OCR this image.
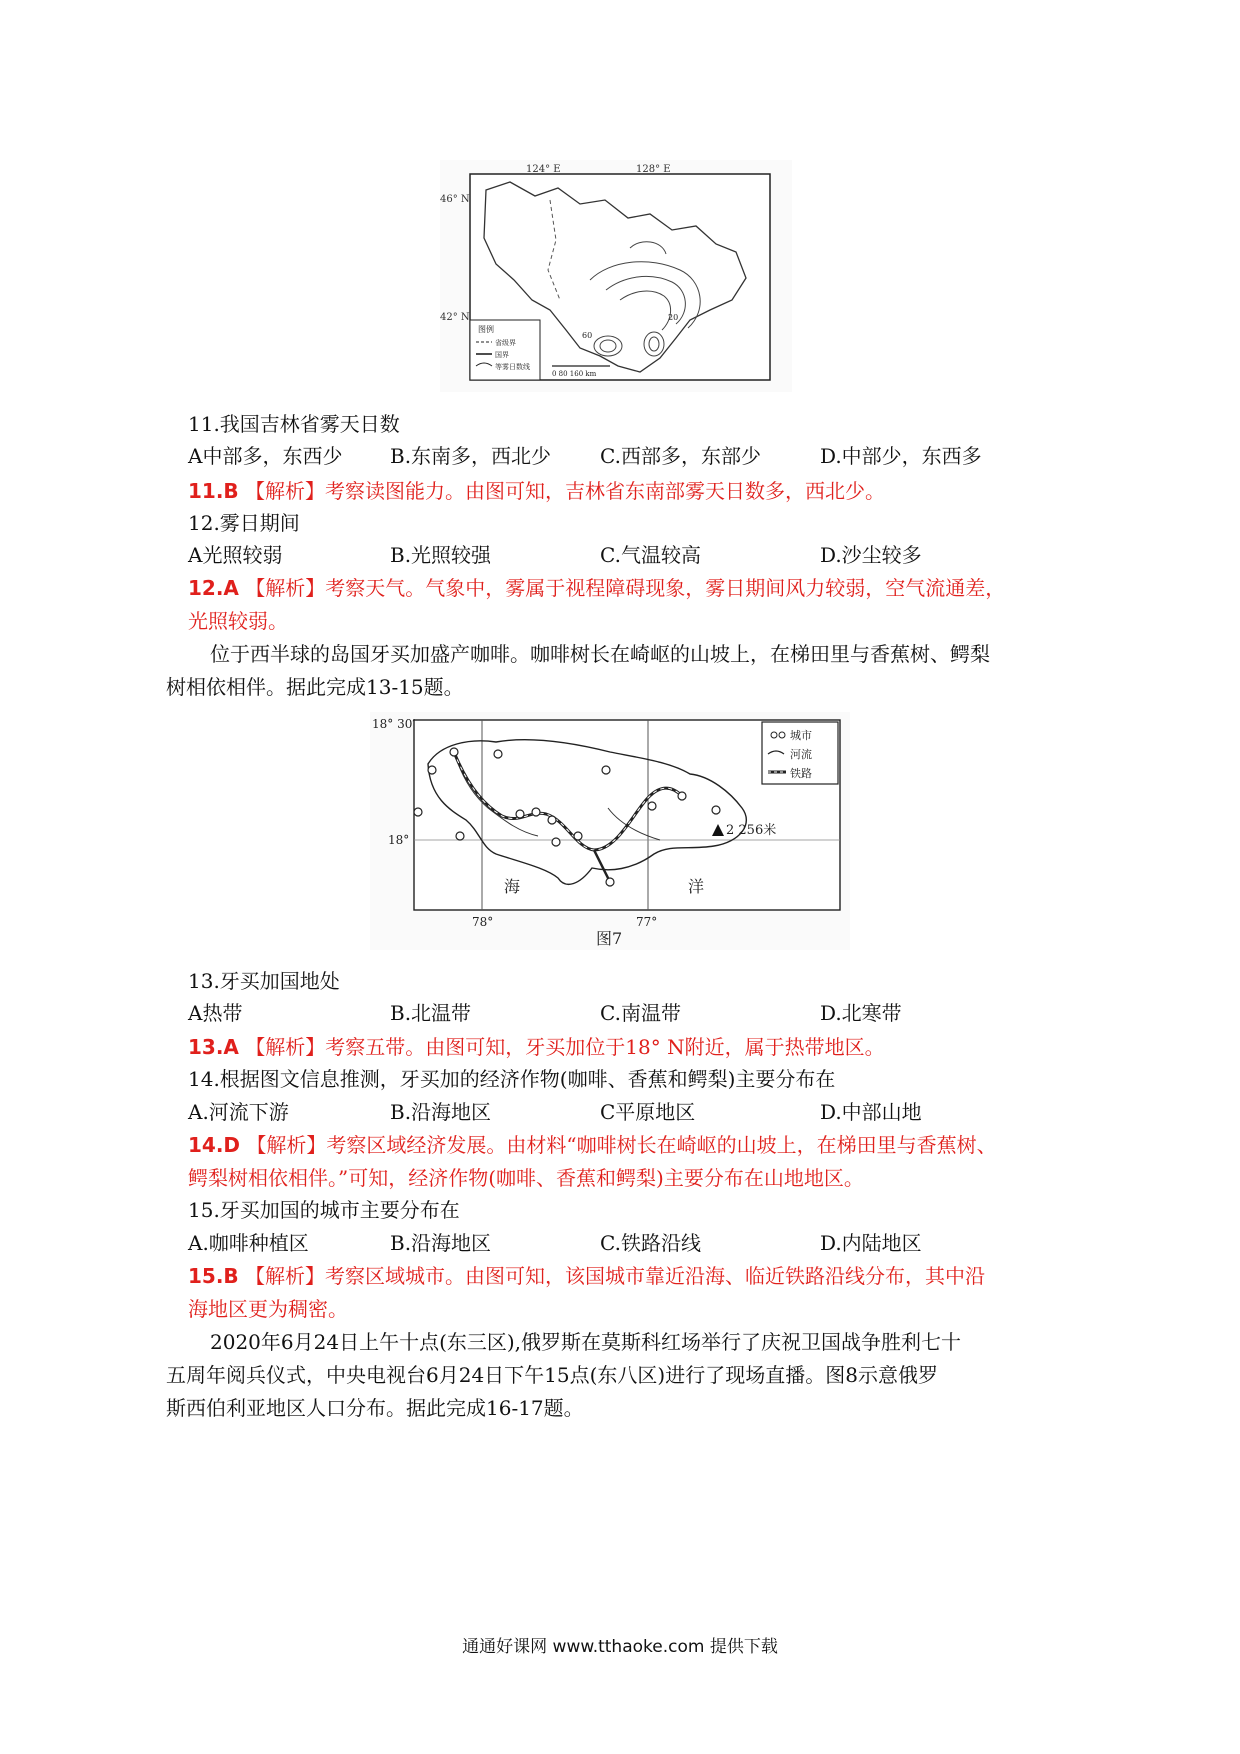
124° E	128° E
46° N
42° N
60
20
图例
省级界
国界
等雾日数线
0 80 160 km
11.我国吉林省雾天日数
A中部多，东西少 B.东南多，西北少 C.西部多，东部少	D.中部少，东西多
11.B 【解析】考察读图能力。由图可知，吉林省东南部雾天日数多，西北少。
12.雾日期间
A光照较弱	B.光照较强	C.气温较高	D.沙尘较多
12.A 【解析】考察天气。气象中，雾属于视程障碍现象，雾日期间风力较弱，空气流通差，
光照较弱。
位于西半球的岛国牙买加盛产咖啡。咖啡树长在崎岖的山坡上，在梯田里与香蕉树、鳄梨
树相依相伴。据此完成13-15题。
18° 30′
18°
78°	77°
2 256米
海	洋
城市
河流
铁路
图7
13.牙买加国地处
A热带	B.北温带	C.南温带	D.北寒带
13.A 【解析】考察五带。由图可知，牙买加位于18° N附近，属于热带地区。
14.根据图文信息推测，牙买加的经济作物(咖啡、香蕉和鳄梨)主要分布在
A.河流下游	B.沿海地区	C平原地区	D.中部山地
14.D 【解析】考察区域经济发展。由材料“咖啡树长在崎岖的山坡上，在梯田里与香蕉树、
鳄梨树相依相伴。”可知，经济作物(咖啡、香蕉和鳄梨)主要分布在山地地区。
15.牙买加国的城市主要分布在
A.咖啡种植区	B.沿海地区	C.铁路沿线	D.内陆地区
15.B 【解析】考察区域城市。由图可知，该国城市靠近沿海、临近铁路沿线分布，其中沿
海地区更为稠密。
2020年6月24日上午十点(东三区),俄罗斯在莫斯科红场举行了庆祝卫国战争胜利七十
五周年阅兵仪式，中央电视台6月24日下午15点(东八区)进行了现场直播。图8示意俄罗
斯西伯利亚地区人口分布。据此完成16-17题。
通通好课网 www.tthaoke.com 提供下载
